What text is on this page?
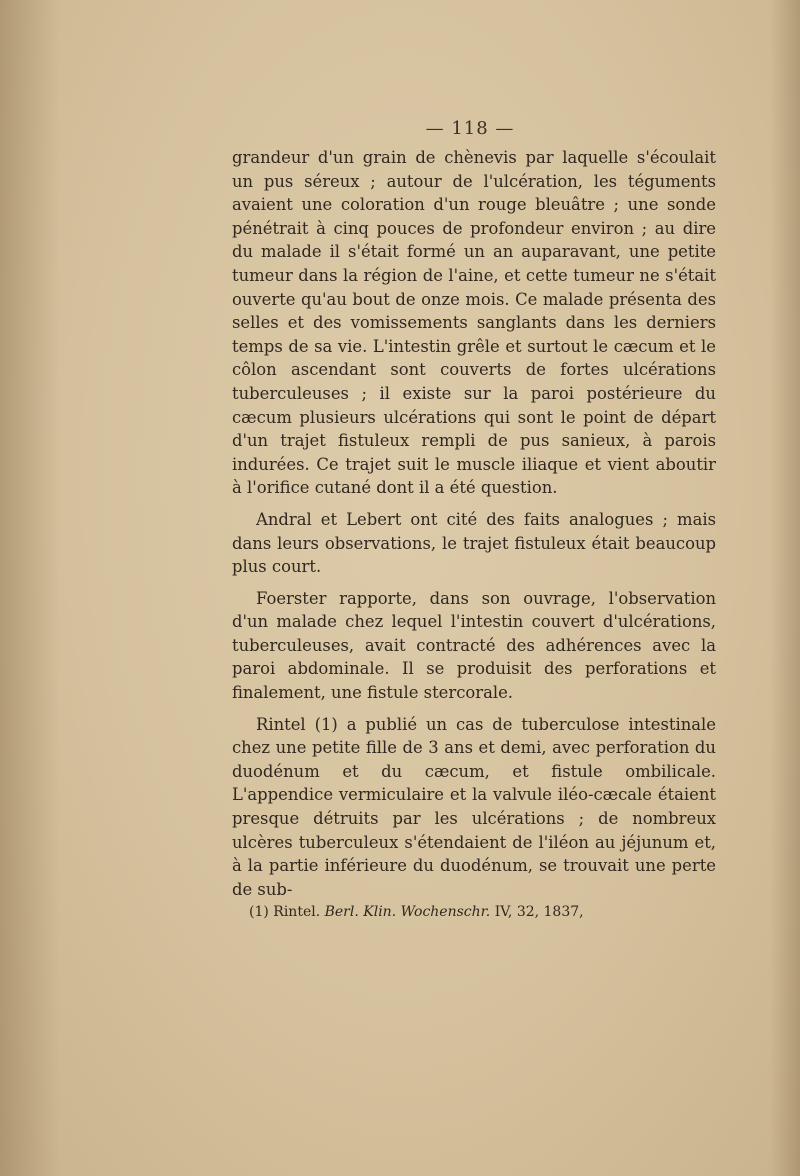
— 118 —

grandeur d'un grain de chènevis par laquelle s'écoulait un pus séreux ; autour de l'ulcération, les téguments avaient une coloration d'un rouge bleuâtre ; une sonde pénétrait à cinq pouces de profondeur environ ; au dire du malade il s'était formé un an auparavant, une petite tumeur dans la région de l'aine, et cette tumeur ne s'était ouverte qu'au bout de onze mois. Ce malade présenta des selles et des vomissements sanglants dans les derniers temps de sa vie. L'intestin grêle et surtout le cæcum et le côlon ascendant sont couverts de fortes ulcérations tuberculeuses ; il existe sur la paroi postérieure du cæcum plusieurs ulcérations qui sont le point de départ d'un trajet fistuleux rempli de pus sanieux, à parois indurées. Ce trajet suit le muscle iliaque et vient aboutir à l'orifice cutané dont il a été question.

Andral et Lebert ont cité des faits analogues ; mais dans leurs observations, le trajet fistuleux était beaucoup plus court.

Foerster rapporte, dans son ouvrage, l'observation d'un malade chez lequel l'intestin couvert d'ulcérations, tuberculeuses, avait contracté des adhérences avec la paroi abdominale. Il se produisit des perforations et finalement, une fistule stercorale.

Rintel (1) a publié un cas de tuberculose intestinale chez une petite fille de 3 ans et demi, avec perforation du duodénum et du cæcum, et fistule ombilicale. L'appendice vermiculaire et la valvule iléo-cæcale étaient presque détruits par les ulcérations ; de nombreux ulcères tuberculeux s'étendaient de l'iléon au jéjunum et, à la partie inférieure du duodénum, se trouvait une perte de sub-

(1) Rintel. Berl. Klin. Wochenschr. IV, 32, 1837,
